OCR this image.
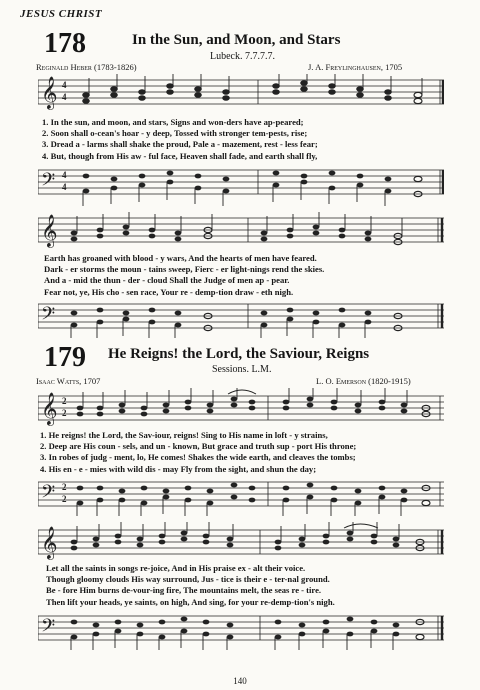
JESUS CHRIST
178	In the Sun, and Moon, and Stars
Lubeck. 7.7.7.7.
Reginald Heber (1783-1826)	J. A. Freylinghausen, 1705
𝄞 4
4
1. In the sun, and moon, and stars, Signs and won-ders have ap-peared;
2. Soon shall o-cean's hoar - y deep, Tossed with stronger tem-pests, rise;
3. Dread a - larms shall shake the proud, Pale a - mazement, rest - less fear;
4. But, though from His aw - ful face, Heaven shall fade, and earth shall fly,
𝄢 4
4
𝄞
Earth has groaned with blood - y wars, And the hearts of men have feared.
Dark - er storms the moun - tains sweep, Fierc - er light-nings rend the skies.
And a - mid the thun - der - cloud Shall the Judge of men ap - pear.
Fear not, ye, His cho - sen race, Your re - demp-tion draw - eth nigh.
𝄢
179 He Reigns! the Lord, the Saviour, Reigns
Sessions. L.M.
Isaac Watts, 1707	L. O. Emerson (1820-1915)
𝄞 2
2
1. He reigns! the Lord, the Sav-iour, reigns! Sing to His name in loft - y strains,
2. Deep are His coun - sels, and un - known, But grace and truth sup - port His throne;
3. In robes of judg - ment, lo, He comes! Shakes the wide earth, and cleaves the tombs;
4. His en - e - mies with wild dis - may Fly from the sight, and shun the day;
𝄢 2
2
𝄞
Let all the saints in songs re-joice, And in His praise ex - alt their voice.
Though gloomy clouds His way surround, Jus - tice is their e - ter-nal ground.
Be - fore Him burns de-vour-ing fire, The mountains melt, the seas re - tire.
Then lift your heads, ye saints, on high, And sing, for your re-demp-tion's nigh.
𝄢
140
